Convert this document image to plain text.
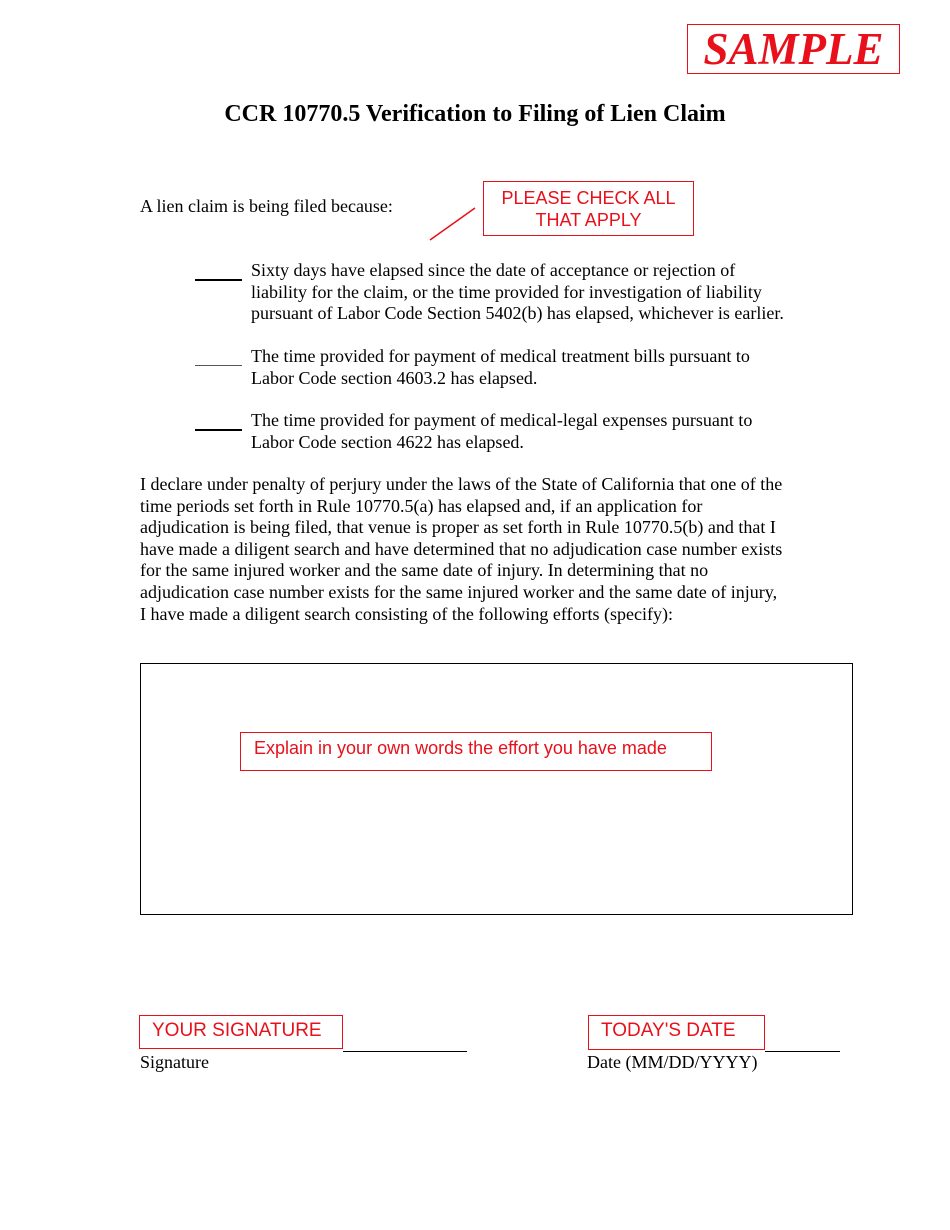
SAMPLE
CCR 10770.5 Verification to Filing of Lien Claim
A lien claim is being filed because:	PLEASE CHECK ALL
THAT APPLY
Sixty days have elapsed since the date of acceptance or rejection of
liability for the claim, or the time provided for investigation of liability
pursuant of Labor Code Section 5402(b) has elapsed, whichever is earlier.
The time provided for payment of medical treatment bills pursuant to
Labor Code section 4603.2 has elapsed.
The time provided for payment of medical-legal expenses pursuant to
Labor Code section 4622 has elapsed.
I declare under penalty of perjury under the laws of the State of California that one of the
time periods set forth in Rule 10770.5(a) has elapsed and, if an application for
adjudication is being filed, that venue is proper as set forth in Rule 10770.5(b) and that I
have made a diligent search and have determined that no adjudication case number exists
for the same injured worker and the same date of injury. In determining that no
adjudication case number exists for the same injured worker and the same date of injury,
I have made a diligent search consisting of the following efforts (specify):
Explain in your own words the effort you have made
YOUR SIGNATURE
Signature
TODAY'S DATE
Date (MM/DD/YYYY)
